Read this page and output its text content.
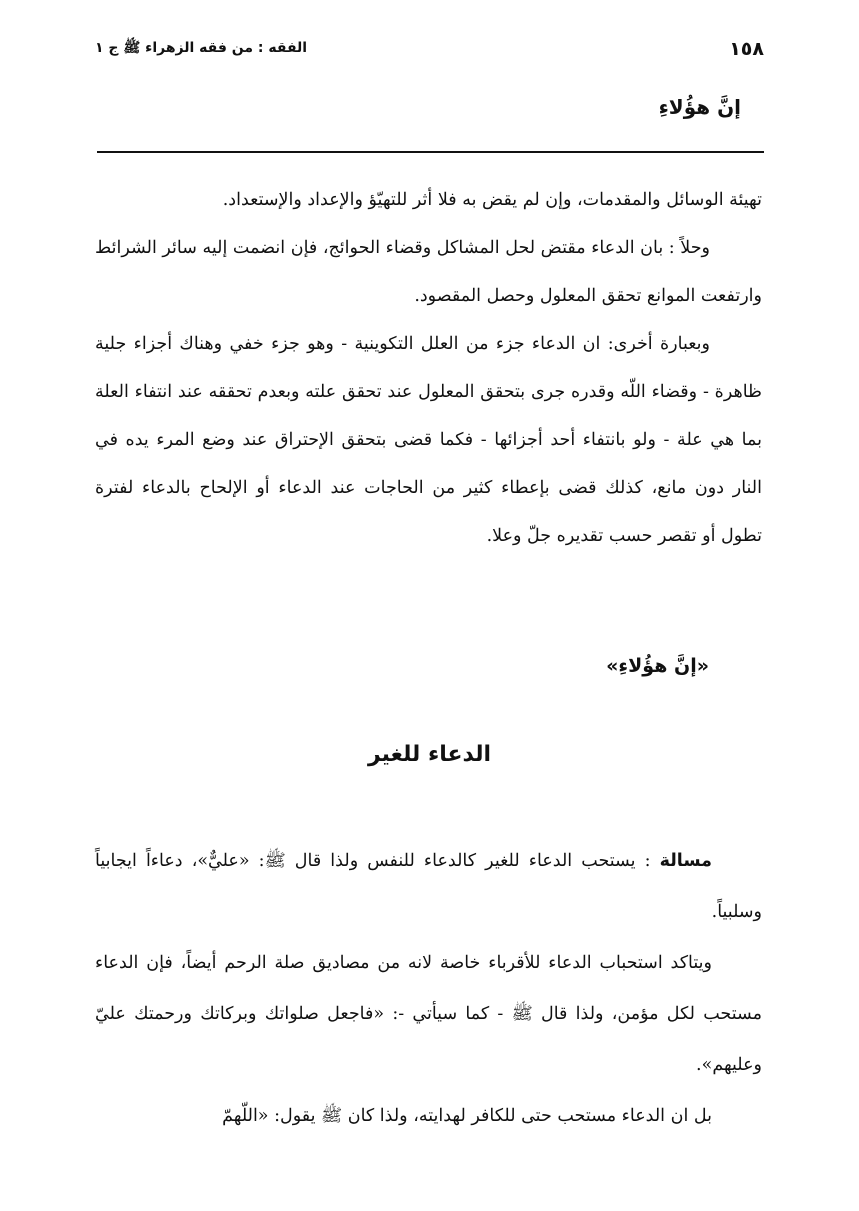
١٥٨
الفقه : من فقه الزهراء ﷺ ج ١
إنَّ هؤُلاءِ

تهيئة الوسائل والمقدمات، وإن لم يقض به فلا أثر للتهيّؤ والإعداد والإستعداد.

وحلاً : بان الدعاء مقتض لحل المشاكل وقضاء الحوائج، فإن انضمت إليه سائر الشرائط وارتفعت الموانع تحقق المعلول وحصل المقصود.

وبعبارة أخرى: ان الدعاء جزء من العلل التكوينية - وهو جزء خفي وهناك أجزاء جلية ظاهرة - وقضاء اللّه وقدره جرى بتحقق المعلول عند تحقق علته وبعدم تحققه عند انتفاء العلة بما هي علة - ولو بانتفاء أحد أجزائها - فكما قضى بتحقق الإحتراق عند وضع المرء يده في النار دون مانع، كذلك قضى بإعطاء كثير من الحاجات عند الدعاء أو الإلحاح بالدعاء لفترة تطول أو تقصر حسب تقديره جلّ وعلا.

«إنَّ هؤُلاءِ»
الدعاء للغير

مسالة : يستحب الدعاء للغير كالدعاء للنفس ولذا قال ﷺ: «عليٌّ»، دعاءاً ايجابياً وسلبياً.

ويتاكد استحباب الدعاء للأقرباء خاصة لانه من مصاديق صلة الرحم أيضاً، فإن الدعاء مستحب لكل مؤمن، ولذا قال ﷺ - كما سيأتي -: «فاجعل صلواتك وبركاتك ورحمتك عليّ وعليهم».

بل ان الدعاء مستحب حتى للكافر لهدايته، ولذا كان ﷺ يقول: «اللّهمّ
